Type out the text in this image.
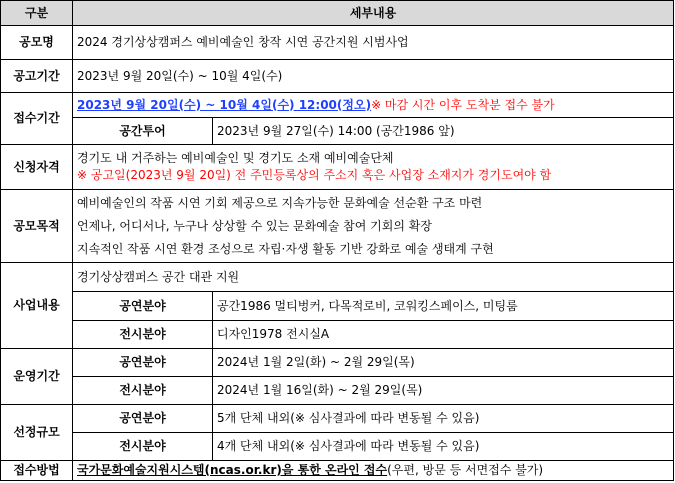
구분	세부내용	
공모명	2024 경기상상캠퍼스 예비예술인 창작 시연 공간지원 시범사업	
공고기간	2023년 9월 20일(수) ~ 10월 4일(수)	
접수기간	2023년 9월 20일(수) ~ 10월 4일(수) 12:00(정오)※ 마감 시간 이후 도착분 접수 불가	
	공간투어	2023년 9월 27일(수) 14:00 (공간1986 앞)
신청자격	경기도 내 거주하는 예비예술인 및 경기도 소재 예비예술단체
※ 공고일(2023년 9월 20일) 전 주민등록상의 주소지 혹은 사업장 소재지가 경기도여야 함	

공모목적	예비예술인의 작품 시연 기회 제공으로 지속가능한 문화예술 선순환 구조 마련
언제나, 어디서나, 누구나 상상할 수 있는 문화예술 참여 기회의 확장
지속적인 작품 시연 환경 조성으로 자립·자생 활동 기반 강화로 예술 생태계 구현	

사업내용	경기상상캠퍼스 공간 대관 지원	
	공연분야	공간1986 멀티벙커, 다목적로비, 코워킹스페이스, 미팅룸
	전시분야	디자인1978 전시실A
운영기간	공연분야	2024년 1월 2일(화) ~ 2월 29일(목)
	전시분야	2024년 1월 16일(화) ~ 2월 29일(목)
선정규모	공연분야	5개 단체 내외(※ 심사결과에 따라 변동될 수 있음)
	전시분야	4개 단체 내외(※ 심사결과에 따라 변동될 수 있음)
접수방법	국가문화예술지원시스템(ncas.or.kr)을 통한 온라인 접수(우편, 방문 등 서면접수 불가)	
